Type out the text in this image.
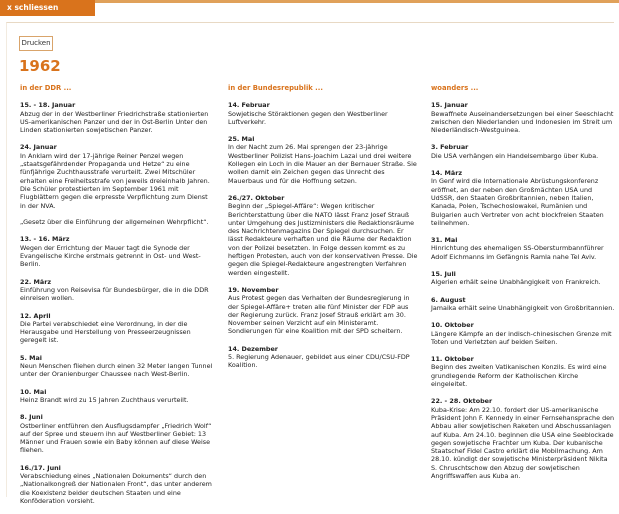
x schliessen
Drucken
1962
in der DDR ...
15. - 18. Januar
Abzug der in der Westberliner Friedrichstraße stationierten US-amerikanischen Panzer und der in Ost-Berlin Unter den Linden stationierten sowjetischen Panzer.
24. Januar
In Anklam wird der 17-jährige Reiner Penzel wegen „staatsgefährdender Propaganda und Hetze“ zu eine fünfjährige Zuchthausstrafe verurteilt. Zwei Mitschüler erhalten eine Freiheitsstrafe von jeweils dreieinhalb Jahren. Die Schüler protestierten im September 1961 mit Flugblättern gegen die erpresste Verpflichtung zum Dienst in der NVA.

„Gesetz über die Einführung der allgemeinen Wehrpflicht“.
13. - 16. März
Wegen der Errichtung der Mauer tagt die Synode der Evangelische Kirche erstmals getrennt in Ost- und West-Berlin.
22. März
Einführung von Reisevisa für Bundesbürger, die in die DDR einreisen wollen.
12. April
Die Partei verabschiedet eine Verordnung, in der die Herausgabe und Herstellung von Presseerzeugnissen geregelt ist.
5. Mai
Neun Menschen fliehen durch einen 32 Meter langen Tunnel unter der Oranienburger Chaussee nach West-Berlin.
10. Mai
Heinz Brandt wird zu 15 Jahren Zuchthaus verurteilt.
8. Juni
Ostberliner entführen den Ausflugsdampfer „Friedrich Wolf“ auf der Spree und steuern ihn auf Westberliner Gebiet: 13 Männer und Frauen sowie ein Baby können auf diese Weise fliehen.
16./17. Juni
Verabschiedung eines „Nationalen Dokuments“ durch den „Nationalkongreß der Nationalen Front“, das unter anderem die Koexistenz beider deutschen Staaten und eine Konföderation vorsieht.
in der Bundesrepublik ...
14. Februar
Sowjetische Störaktionen gegen den Westberliner Luftverkehr.
25. Mai
In der Nacht zum 26. Mai sprengen der 23-jährige Westberliner Polizist Hans-Joachim Lazai und drei weitere Kollegen ein Loch in die Mauer an der Bernauer Straße. Sie wollen damit ein Zeichen gegen das Unrecht des Mauerbaus und für die Hoffnung setzen.
26./27. Oktober
Beginn der „Spiegel-Affäre“: Wegen kritischer Berichterstattung über die NATO lässt Franz Josef Strauß unter Umgehung des Justizministers die Redaktionsräume des Nachrichtenmagazins Der Spiegel durchsuchen. Er lässt Redakteure verhaften und die Räume der Redaktion von der Polizei besetzten. In Folge dessen kommt es zu heftigen Protesten, auch von der konservativen Presse. Die gegen die Spiegel-Redakteure angestrengten Verfahren werden eingestellt.
19. November
Aus Protest gegen das Verhalten der Bundesregierung in der Spiegel-Affäre+ treten alle fünf Minister der FDP aus der Regierung zurück. Franz Josef Strauß erklärt am 30. November seinen Verzicht auf ein Ministeramt. Sondierungen für eine Koalition mit der SPD scheitern.
14. Dezember
5. Regierung Adenauer, gebildet aus einer CDU/CSU-FDP Koalition.
woanders ...
15. Januar
Bewaffnete Auseinandersetzungen bei einer Seeschlacht zwischen den Niederlanden und Indonesien im Streit um Niederländisch-Westguinea.
3. Februar
Die USA verhängen ein Handelsembargo über Kuba.
14. März
In Genf wird die Internationale Abrüstungskonferenz eröffnet, an der neben den Großmächten USA und UdSSR, den Staaten Großbritannien, neben Italien, Kanada, Polen, Tschechoslowakei, Rumänien und Bulgarien auch Vertreter von acht blockfreien Staaten teilnehmen.
31. Mai
Hinrichtung des ehemaligen SS-Obersturmbannführer Adolf Eichmanns im Gefängnis Ramla nahe Tel Aviv.
15. Juli
Algerien erhält seine Unabhängigkeit von Frankreich.
6. August
Jamaika erhält seine Unabhängigkeit von Großbritannien.
10. Oktober
Längere Kämpfe an der indisch-chinesischen Grenze mit Toten und Verletzten auf beiden Seiten.
11. Oktober
Beginn des zweiten Vatikanischen Konzils. Es wird eine grundlegende Reform der Katholischen Kirche eingeleitet.
22. - 28. Oktober
Kuba-Krise: Am 22.10. fordert der US-amerikanische Präsident John F. Kennedy in einer Fernsehansprache den Abbau aller sowjetischen Raketen und Abschussanlagen auf Kuba. Am 24.10. beginnen die USA eine Seeblockade gegen sowjetische Frachter um Kuba. Der kubanische Staatschef Fidel Castro erklärt die Mobilmachung. Am 28.10. kündigt der sowjetische Ministerpräsident Nikita S. Chruschtschow den Abzug der sowjetischen Angriffswaffen aus Kuba an.
